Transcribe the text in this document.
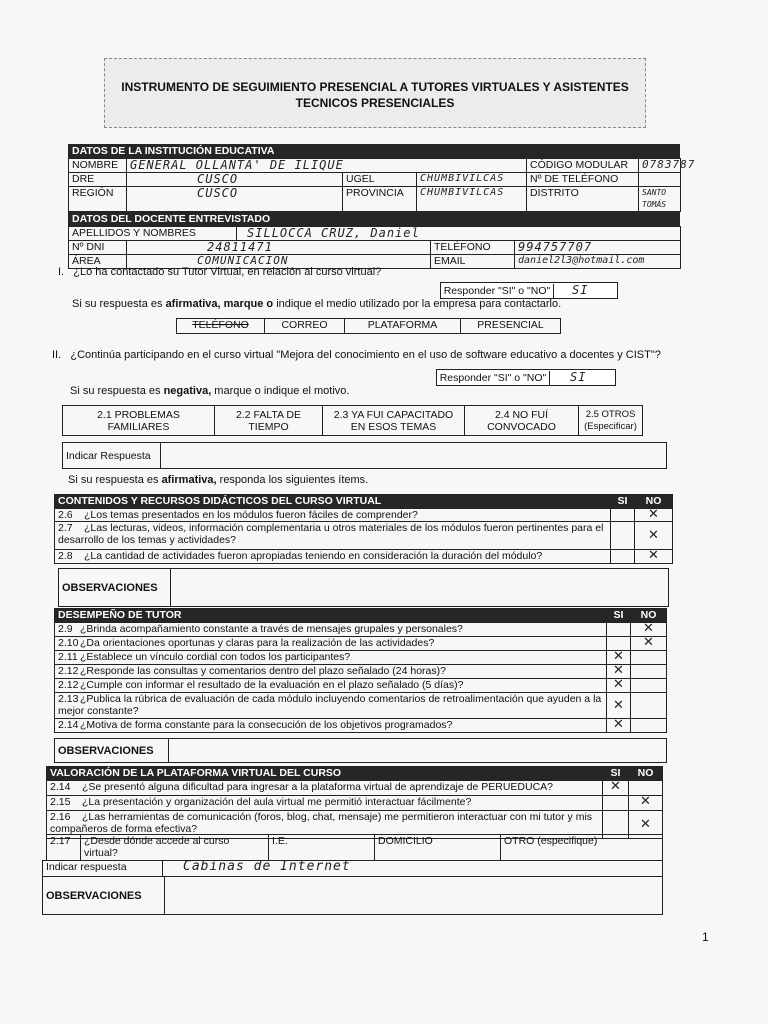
INSTRUMENTO DE SEGUIMIENTO PRESENCIAL A TUTORES VIRTUALES Y ASISTENTES
TECNICOS PRESENCIALES
DATOS DE LA INSTITUCIÓN EDUCATIVA
NOMBRE	GENERAL OLLANTA' DE ILIQUE			CÓDIGO MODULAR	0783787
DRE	CUSCO	UGEL	CHUMBIVILCAS	Nº DE TELÉFONO	
REGIÓN	CUSCO	PROVINCIA	CHUMBIVILCAS	DISTRITO	SANTO TOMÁS
DATOS DEL DOCENTE ENTREVISTADO
APELLIDOS Y NOMBRES		SILLOCCA CRUZ, Daniel		
Nº DNI	24811471		TELÉFONO	994757707
ÁREA	COMUNICACIÓN		EMAIL	daniel2l3@hotmail.com
I. ¿Lo ha contactado su Tutor Virtual, en relación al curso virtual?
Responder "SI" o "NO" SI
Si su respuesta es afirmativa, marque o indique el medio utilizado por la empresa para contactarlo.
TELÉFONO	CORREO	PLATAFORMA	PRESENCIAL
II. ¿Continúa participando en el curso virtual "Mejora del conocimiento en el uso de software educativo a docentes y CIST"?
Responder "SI" o "NO" SI
Si su respuesta es negativa, marque o indique el motivo.
2.1 PROBLEMAS FAMILIARES	2.2 FALTA DE TIEMPO	2.3 YA FUI CAPACITADO EN ESOS TEMAS	2.4 NO FUÍ CONVOCADO	2.5 OTROS (Especificar)
Indicar Respuesta	
Si su respuesta es afirmativa, responda los siguientes ítems.
CONTENIDOS Y RECURSOS DIDÁCTICOS DEL CURSO VIRTUAL	SI	NO
2.6 ¿Los temas presentados en los módulos fueron fáciles de comprender?		✕
2.7 ¿Las lecturas, videos, información complementaria u otros materiales de los módulos fueron pertinentes para el desarrollo de los temas y actividades?		✕
2.8 ¿La cantidad de actividades fueron apropiadas teniendo en consideración la duración del módulo?		✕
OBSERVACIONES	
DESEMPEÑO DE TUTOR	SI	NO
2.9 ¿Brinda acompañamiento constante a través de mensajes grupales y personales?		✕
2.10 ¿Da orientaciones oportunas y claras para la realización de las actividades?		✕
2.11 ¿Establece un vínculo cordial con todos los participantes?	✕	
2.12 ¿Responde las consultas y comentarios dentro del plazo señalado (24 horas)?	✕	
2.12 ¿Cumple con informar el resultado de la evaluación en el plazo señalado (5 días)?	✕	
2.13 ¿Publica la rúbrica de evaluación de cada módulo incluyendo comentarios de retroalimentación que ayuden a la mejor constante?	✕	
2.14 ¿Motiva de forma constante para la consecución de los objetivos programados?	✕	
OBSERVACIONES	
VALORACIÓN DE LA PLATAFORMA VIRTUAL DEL CURSO	SI	NO
2.14 ¿Se presentó alguna dificultad para ingresar a la plataforma virtual de aprendizaje de PERUEDUCA?	✕	
2.15 ¿La presentación y organización del aula virtual me permitió interactuar fácilmente?		✕
2.16 ¿Las herramientas de comunicación (foros, blog, chat, mensaje) me permitieron interactuar con mi tutor y mis compañeros de forma efectiva?		✕
2.17	¿Desde dónde accede al curso virtual?	I.E.	DOMICILIO	OTRO (especifique)
Indicar respuesta	Cabinas de Internet
OBSERVACIONES	
1
